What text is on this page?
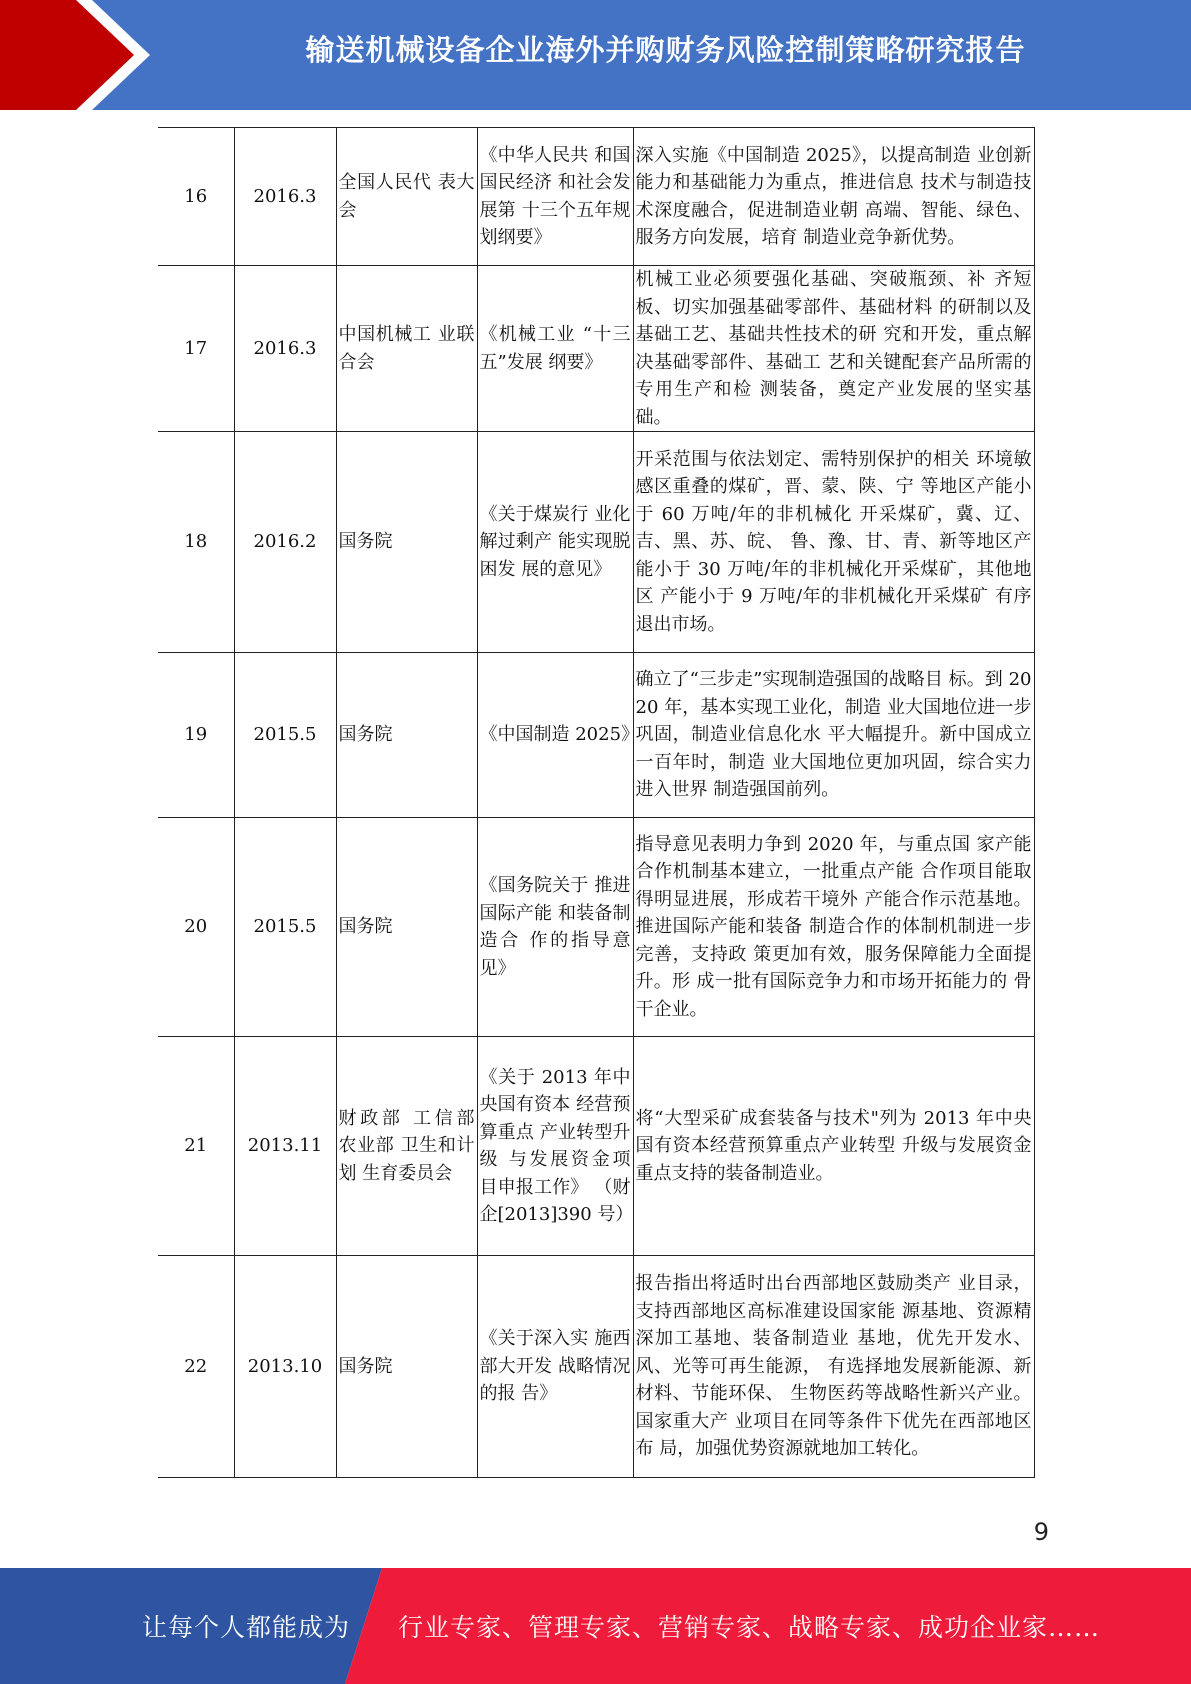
输送机械设备企业海外并购财务风险控制策略研究报告
16	2016.3	全国人民代 表大会	《中华人民共 和国国民经济 和社会发展第 十三个五年规 划纲要》	深入实施《中国制造 2025》，以提高制造 业创新能力和基础能力为重点，推进信息 技术与制造技术深度融合，促进制造业朝 高端、智能、绿色、服务方向发展，培育 制造业竞争新优势。
17	2016.3	中国机械工 业联合会	《机械工业 “十三五”发展 纲要》	机械工业必须要强化基础、突破瓶颈、补 齐短板、切实加强基础零部件、基础材料 的研制以及基础工艺、基础共性技术的研 究和开发，重点解决基础零部件、基础工 艺和关键配套产品所需的专用生产和检 测装备，奠定产业发展的坚实基础。
18	2016.2	国务院	《关于煤炭行 业化解过剩产 能实现脱困发 展的意见》	开采范围与依法划定、需特别保护的相关 环境敏感区重叠的煤矿，晋、蒙、陕、宁 等地区产能小于 60 万吨/年的非机械化 开采煤矿，冀、辽、吉、黑、苏、皖、 鲁、豫、甘、青、新等地区产能小于 30 万吨/年的非机械化开采煤矿，其他地区 产能小于 9 万吨/年的非机械化开采煤矿 有序退出市场。
19	2015.5	国务院	《中国制造 2025》	确立了“三步走”实现制造强国的战略目 标。到 2020 年，基本实现工业化，制造 业大国地位进一步巩固，制造业信息化水 平大幅提升。新中国成立一百年时，制造 业大国地位更加巩固，综合实力进入世界 制造强国前列。
20	2015.5	国务院	《国务院关于 推进国际产能 和装备制造合 作的指导意 见》	指导意见表明力争到 2020 年，与重点国 家产能合作机制基本建立，一批重点产能 合作项目能取得明显进展，形成若干境外 产能合作示范基地。推进国际产能和装备 制造合作的体制机制进一步完善，支持政 策更加有效，服务保障能力全面提升。形 成一批有国际竞争力和市场开拓能力的 骨干企业。
21	2013.11	财政部 工信部 农业部 卫生和计划 生育委员会	《关于 2013 年中央国有资本 经营预算重点 产业转型升级 与发展资金项 目申报工作》 （财企[2013]390 号）	将“大型采矿成套装备与技术"列为 2013 年中央国有资本经营预算重点产业转型 升级与发展资金重点支持的装备制造业。
22	2013.10	国务院	《关于深入实 施西部大开发 战略情况的报 告》	报告指出将适时出台西部地区鼓励类产 业目录，支持西部地区高标准建设国家能 源基地、资源精深加工基地、装备制造业 基地，优先开发水、风、光等可再生能源， 有选择地发展新能源、新材料、节能环保、 生物医药等战略性新兴产业。国家重大产 业项目在同等条件下优先在西部地区布 局，加强优势资源就地加工转化。
9
让每个人都能成为 行业专家、管理专家、营销专家、战略专家、成功企业家……
